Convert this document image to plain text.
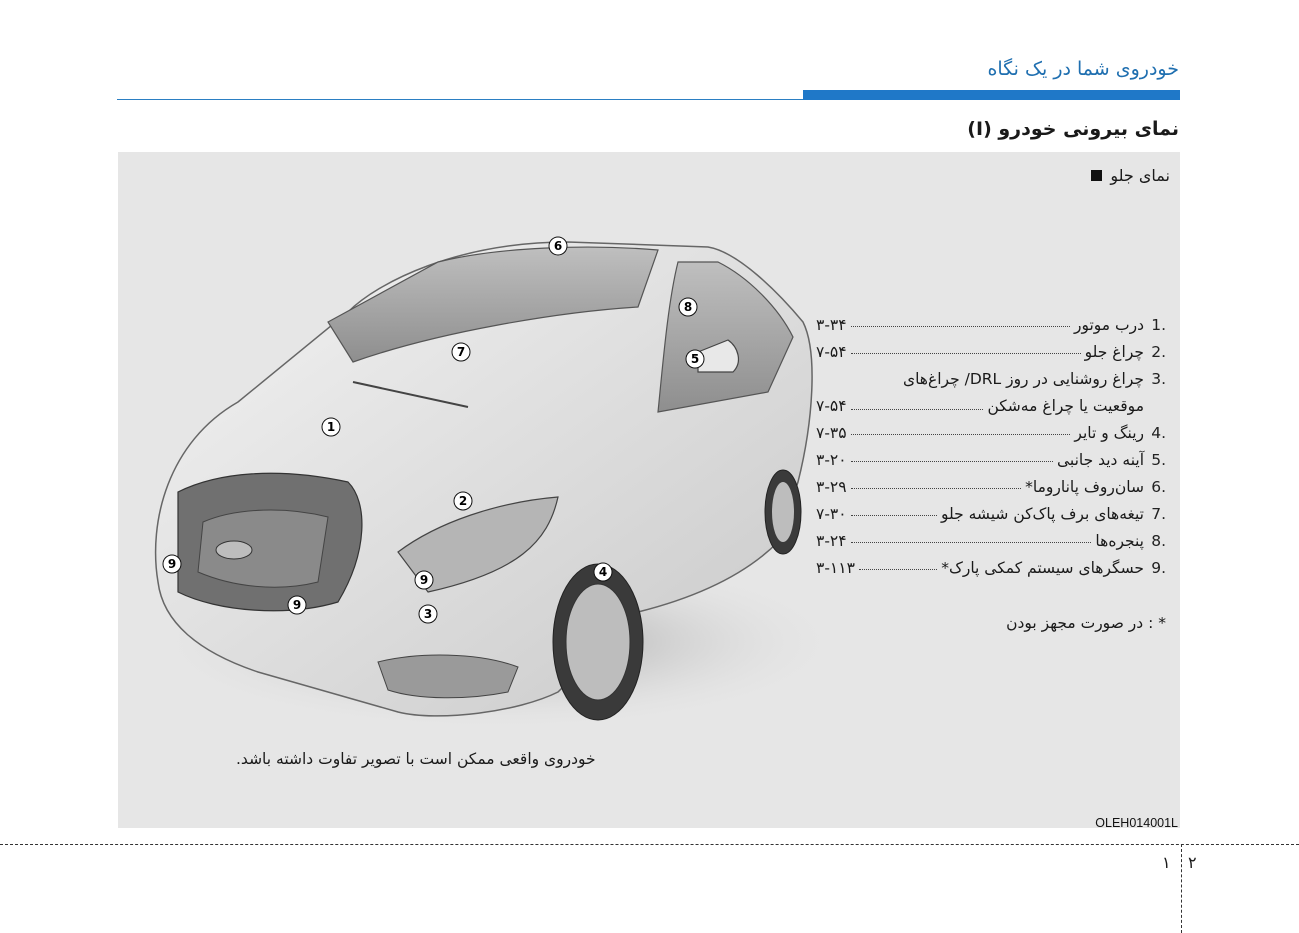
خودروی شما در یک نگاه
نمای بیرونی خودرو (I)
نمای جلو
1
2
3
4
5
6
7
8
9
9
9
1.
درب موتور
۳-۳۴
2.
چراغ جلو
۷-۵۴
3.
چراغ روشنایی در روز DRL/ چراغ‌های
موقعیت یا چراغ مه‌شکن
۷-۵۴
4.
رینگ و تایر
۷-۳۵
5.
آینه دید جانبی
۳-۲۰
6.
سان‌روف پاناروما*
۳-۲۹
7.
تیغه‌های برف پاک‌کن شیشه جلو
۷-۳۰
8.
پنجره‌ها
۳-۲۴
9.
حسگرهای سیستم کمکی پارک*
۳-۱۱۳
* : در صورت مجهز بودن
خودروی واقعی ممکن است با تصویر تفاوت داشته باشد.
OLEH014001L
۱ ۲
